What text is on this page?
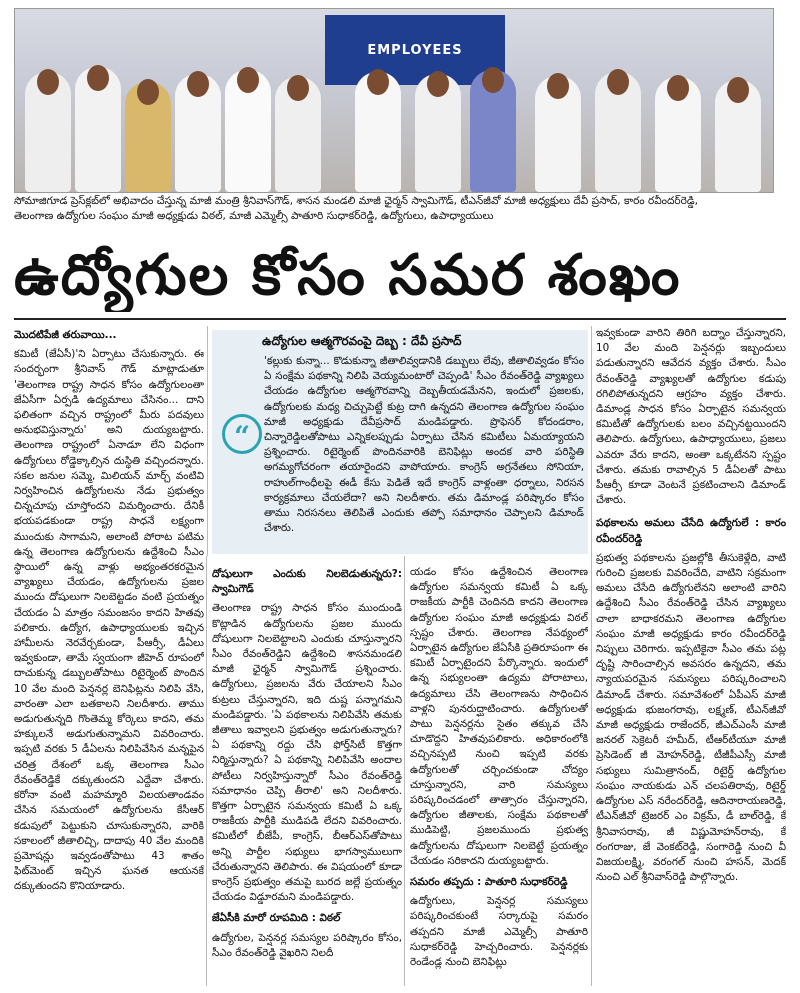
EMPLOYEES
సోమాజిగూడ ప్రెస్‌క్లబ్‌లో అభివాదం చేస్తున్న మాజీ మంత్రి శ్రీనివాస్‌గౌడ్‌, శాసన మండలి మాజీ ఛైర్మన్‌ స్వామిగౌడ్‌, టీఎన్‌జీవో మాజీ అధ్యక్షులు దేవీ ప్రసాద్‌, కారం రవీందర్‌రెడ్డి,
తెలంగాణ ఉద్యోగుల సంఘం మాజీ అధ్యక్షుడు విఠల్‌, మాజీ ఎమ్మెల్సీ పాతూరి సుధాకర్‌రెడ్డి, ఉద్యోగులు, ఉపాధ్యాయులు
ఉద్యోగుల కోసం సమర శంఖం
మొదటిపేజీ తరువాయి...
కమిటీ (జేఏసీ)'ని ఏర్పాటు చేసుకున్నారు. ఈ సందర్భంగా శ్రీనివాస్‌ గౌడ్‌ మాట్లాడుతూ 'తెలంగాణ రాష్ట్ర సాధన కోసం ఉద్యోగులంతా జేఏసీగా ఏర్పడి ఉద్యమాలు చేసినం... దాని ఫలితంగా వచ్చిన రాష్ట్రంలో మీరు పదవులు అనుభవిస్తున్నారు' అని దుయ్యబట్టారు. తెలంగాణ రాష్ట్రంలో ఏనాడూ లేని విధంగా ఉద్యోగులు రోడ్డెక్కాల్సిన దుస్థితి వచ్చిందన్నారు. సకల జనుల సమ్మె, మిలియన్‌ మార్చ్‌ వంటివి నిర్వహించిన ఉద్యోగులను నేడు ప్రభుత్వం చిన్నచూపు చూస్తోందని విమర్శించారు. దేనికీ భయపడకుండా రాష్ట్ర సాధనే లక్ష్యంగా ముందుకు సాగామని, అలాంటి పోరాట పటిమ ఉన్న తెలంగాణ ఉద్యోగులను ఉద్దేశించి సీఎం స్థాయిలో ఉన్న వాళ్లు అభ్యంతరకరమైన వ్యాఖ్యలు చేయడం, ఉద్యోగులను ప్రజల ముందు దోషులుగా నిలబెట్టడం వంటి ప్రయత్నం చేయడం ఏ మాత్రం సమంజసం కాదని హితవు పలికారు. ఉద్యోగ, ఉపాధ్యాయులకు ఇచ్చిన హామీలను నెరవేర్చకుండా, పీఆర్సీ, డీఏలు ఇవ్వకుండా, తామే స్వయంగా జీహెచ్‌ రూపంలో దాచుకున్న డబ్బులతోపాటు రిటైర్మెంట్‌ పొందిన 10 వేల మంది పెన్షనర్ల బెనిఫిట్లను నిలిపి వేసి, వారంతా ఎలా బతకాలని నిలదీశారు. తాము అడుగుతున్నది గొంతెమ్మ కోర్కెలు కాదని, తమ హక్కులనే అడుగుతున్నామని వివరించారు. ఇప్పటి వరకు 5 డీఏలను నిలిపివేసిన మన్నపైన చరిత్ర దేశంలో ఒక్క తెలంగాణ సీఎం రేవంత్‌రెడ్డికే దక్కుతుందని ఎద్దేవా చేశారు. కరోనా వంటి మహమ్మారి విలయతాండవం చేసిన సమయంలో ఉద్యోగులను కేసీఆర్‌ కడుపులో పెట్టుకుని చూసుకున్నారని, వారికి సకాలంలో జీతాలిచ్చి, దాదాపు 40 వేల మందికి ప్రమోషన్లు ఇవ్వడంతోపాటు 43 శాతం ఫిట్‌మెంట్‌ ఇచ్చిన ఘనత ఆయనకే దక్కుతుందని కొనియాడారు.
ఉద్యోగుల ఆత్మగౌరవంపై దెబ్బ : దేవీ ప్రసాద్‌
“
'కల్లుకు కున్నా... కొడుకున్నా జీతాలివ్వడానికి డబ్బులు లేవు, జీతాలివ్వడం కోసం ఏ సంక్షేమ పథకాన్ని నిలిపి వెయ్యమంటారో చెప్పండి' సీఎం రేవంత్‌రెడ్డి వ్యాఖ్యలు చేయడం ఉద్యోగుల ఆత్మగౌరవాన్ని దెబ్బతీయడమేనని, ఇందులో ప్రజలకు, ఉద్యోగులకు మధ్య చిచ్చుపెట్టే కుట్ర దాగి ఉన్నదని తెలంగాణ ఉద్యోగుల సంఘం మాజీ అధ్యక్షుడు దేవీప్రసాద్‌ మండిపడ్డారు. ప్రొఫెసర్‌ కోదండరాం, చిన్నారెడ్డిలతోపాటు ఎన్నికలప్పుడు ఏర్పాటు చేసిన కమిటీలు ఏమయ్యాయని ప్రశ్నించారు. రిటైర్మెంట్‌ పొందినవారికి బెనిఫిట్లు అందక వారి పరిస్థితి అగమ్యగోచరంగా తయారైందని వాపోయారు. కాంగ్రెస్‌ అగ్రనేతలు సోనియా, రాహుల్‌గాంధీలపై ఈడీ కేసు పెడితే ఇదే కాంగ్రెస్‌ వాళ్లంతా ధర్నాలు, నిరసన కార్యక్రమాలు చేయలేదా? అని నిలదీశారు. తమ డిమాండ్ల పరిష్కారం కోసం తాము నిరసనలు తెలిపితే ఎందుకు తప్పో సమాధానం చెప్పాలని డిమాండ్‌ చేశారు.
దోషులుగా ఎందుకు నిలబెడుతున్నరు?: స్వామిగౌడ్‌
తెలంగాణ రాష్ట్ర సాధన కోసం ముందుండి కొట్లాడిన ఉద్యోగులను ప్రజల ముందు దోషులుగా నిలబెట్టాలని ఎందుకు చూస్తున్నారని సీఎం రేవంత్‌రెడ్డిని ఉద్దేశించి శాసనమండలి మాజీ ఛైర్మన్‌ స్వామిగౌడ్‌ ప్రశ్నించారు. ఉద్యోగులు, ప్రజలను వేరు చేయాలని సీఎం కుట్రలు చేస్తున్నారని, ఇది దుష్ట పన్నాగమని మండిపడ్డారు. 'ఏ పథకాలను నిలిపివేసి తమకు జీతాలు ఇవ్వాలని ప్రభుత్వం అడుగుతున్నారు? ఏ పథకాన్ని రద్దు చేసి ఫోర్త్‌సిటీ కొత్తగా నిర్మిస్తున్నారు? ఏ పథకాన్ని నిలిపివేసి అందాల పోటీలు నిర్వహిస్తున్నారో సీఎం రేవంత్‌రెడ్డి సమాధానం చెప్పి తీరాలి' అని నిలదీశారు. కొత్తగా ఏర్పాటైన సమన్వయ కమిటీ ఏ ఒక్క రాజకీయ పార్టీకి ముడిపడి లేదని వివరించారు. కమిటీలో బీజేపీ, కాంగ్రెస్‌, బీఆర్‌ఎస్‌తోపాటు అన్ని పార్టీల సభ్యులు భాగస్వాములుగా చేరుతున్నారని తెలిపారు. ఈ విషయంలో కూడా కాంగ్రెస్‌ ప్రభుత్వం తమపై బురద జల్లే ప్రయత్నం చేయడం విడ్డూరమని మండిపడ్డారు.
జేఏసీకి మారో రూపమిది : విఠల్‌
ఉద్యోగుల, పెన్షనర్ల సమస్యల పరిష్కారం కోసం, సీఎం రేవంత్‌రెడ్డి వైఖరిని నిలదీ
యడం కోసం ఉద్దేశించిన తెలంగాణ ఉద్యోగుల సమన్వయ కమిటీ ఏ ఒక్క రాజకీయ పార్టీకి చెందినది కాదని తెలంగాణ ఉద్యోగుల సంఘం మాజీ అధ్యక్షుడు విఠల్‌ స్పష్టం చేశారు. తెలంగాణ నేపథ్యంలో ఏర్పాటైన ఉద్యోగుల జేఏసీకి ప్రతిరూపంగా ఈ కమిటీ ఏర్పాటైందని పేర్కొన్నారు. ఇందులో ఉన్న సభ్యులంతా ఉద్యమ పోరాటాలు, ఉద్యమాలు చేసి తెలంగాణను సాధించిన వాళ్లని పునరుద్ఘాటించారు. ఉద్యోగులతో పాటు పెన్షనర్లను సైతం తక్కువ చేసి చూడొద్దని హితవుపలికారు. అధికారంలోకి వచ్చినప్పటి నుంచి ఇప్పటి వరకు ఉద్యోగులతో చర్చించకుండా చోద్యం చూస్తున్నారని, వారి సమస్యలు పరిష్కరించడంలో తాత్సారం చేస్తున్నారని, ఉద్యోగుల జీతాలకు, సంక్షేమ పథకాలతో ముడిపెట్టి, ప్రజలముందు ప్రభుత్వ ఉద్యోగులను దోషులుగా నిలబెట్టే ప్రయత్నం చేయడం సరికాదని దుయ్యబట్టారు.
సమరం తప్పదు : పాతూరి సుధాకర్‌రెడ్డి
ఉద్యోగులు, పెన్షనర్ల సమస్యలు పరిష్కరించకుంటే సర్కారుపై సమరం తప్పదని మాజీ ఎమ్మెల్సీ పాతూరి సుధాకర్‌రెడ్డి హెచ్చరించారు. పెన్షనర్లకు రెండేండ్ల నుంచి బెనిఫిట్లు
ఇవ్వకుండా వారిని తిరిగి బద్నాం చేస్తున్నారని, 10 వేల మంది పెన్షనర్లు ఇబ్బందులు పడుతున్నారని ఆవేదన వ్యక్తం చేశారు. సీఎం రేవంత్‌రెడ్డి వ్యాఖ్యలతో ఉద్యోగుల కడుపు రగిలిపోతున్నదని ఆగ్రహం వ్యక్తం చేశారు. డిమాండ్ల సాధన కోసం ఏర్పాటైన సమన్వయ కమిటీతో ఉద్యోగులకు బలం వచ్చినట్టయిందని తెలిపారు. ఉద్యోగులు, ఉపాధ్యాయులు, ప్రజలు ఎవరూ వేరు కాదని, అంతా ఒక్కటేనని స్పష్టం చేశారు. తమకు రావాల్సిన 5 డీఏలతో పాటు పీఆర్సీ కూడా వెంటనే ప్రకటించాలని డిమాండ్‌ చేశారు.
పథకాలను అమలు చేసేది ఉద్యోగులే : కారం రవీందర్‌రెడ్డి
ప్రభుత్వ పథకాలను ప్రజల్లోకి తీసుకెళ్లేది, వాటి గురించి ప్రజలకు వివరించేది, వాటిని సక్రమంగా అమలు చేసేది ఉద్యోగులేనని అలాంటి వారిని ఉద్దేశించి సీఎం రేవంత్‌రెడ్డి చేసిన వ్యాఖ్యలు చాలా బాధాకరమని తెలంగాణ ఉద్యోగుల సంఘం మాజీ అధ్యక్షుడు కారం రవీందర్‌రెడ్డి నిప్పులు చెరిగారు. ఇప్పటికైనా సీఎం తమ పట్ల దృష్టి సారించాల్సిన అవసరం ఉన్నదని, తమ న్యాయపరమైన సమస్యలు పరిష్కరించాలని డిమాండ్‌ చేశారు. సమావేశంలో ఏపీఎస్‌ మాజీ అధ్యక్షుడు భుజంగరావు, లక్ష్మణ్‌, టీఎన్‌జీవో మాజీ అధ్యక్షుడు రాజేందర్‌, జీఎచ్‌ఎంసీ మాజీ జనరల్‌ సెక్రెటరీ హమీద్‌, టీఆర్‌టీయూ మాజీ ప్రెసిడెంట్‌ జీ మోహన్‌రెడ్డి, టీజీపీఎస్సీ మాజీ సభ్యులు సుమిత్రానంద్‌, రిటైర్డ్‌ ఉద్యోగుల సంఘం నాయకుడు ఎన్‌ చలపతిరావు, రిటైర్డ్‌ ఉద్యోగుల ఎస్‌ నరేందర్‌రెడ్డి, ఆదినారాయణరెడ్డి, టీఎన్‌జీవో ట్రెజరర్‌ ఎం విక్రమ్‌, డీ బాల్‌రెడ్డి, కే శ్రీనివాసరావు, జీ విష్ణుమోహన్‌రావు, కే రంగరాజు, జే వెంకట్‌రెడ్డి, సంగారెడ్డి నుంచి వీ విజయలక్ష్మి, వరంగల్‌ నుంచి హసన్‌, మెదక్‌ నుంచి ఎల్‌ శ్రీనివాస్‌రెడ్డి పాల్గొన్నారు.
